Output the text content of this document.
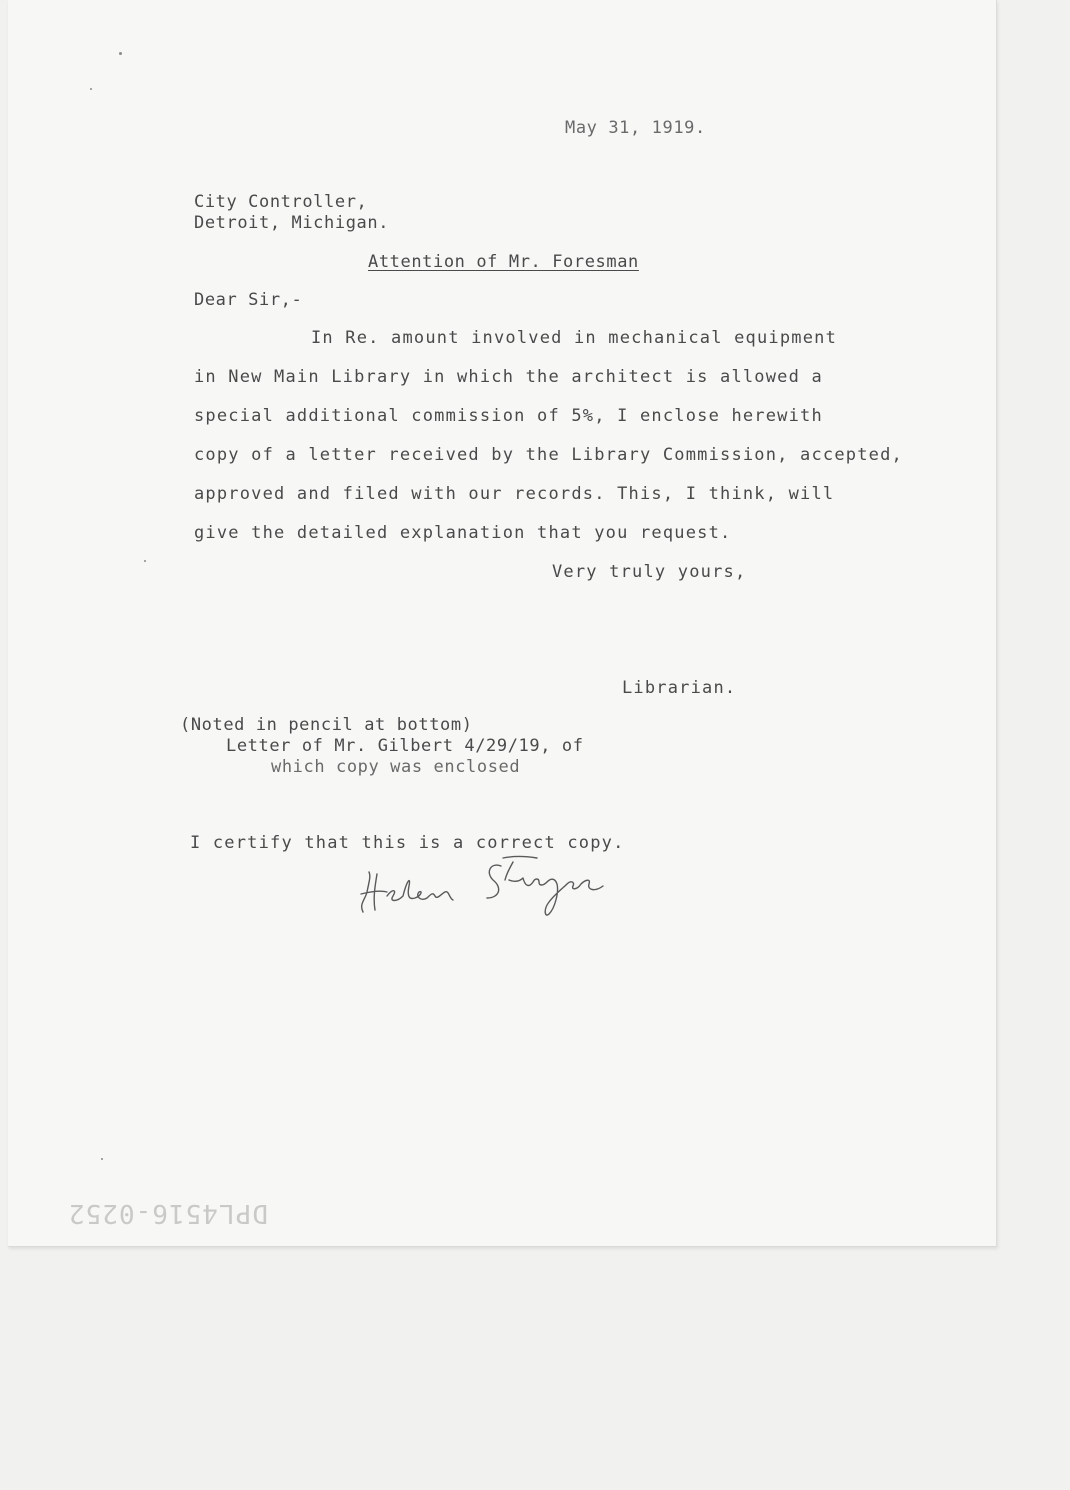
May 31, 1919.

City Controller,

Detroit, Michigan.

Attention of Mr. Foresman

Dear Sir,-

In Re. amount involved in mechanical equipment

in New Main Library in which the architect is allowed a

special additional commission of 5%, I enclose herewith

copy of a letter received by the Library Commission, accepted,

approved and filed with our records. This, I think, will

give the detailed explanation that you request.

Very truly yours,

Librarian.

(Noted in pencil at bottom)

Letter of Mr. Gilbert 4/29/19, of

which copy was enclosed

I certify that this is a correct copy.

DPL4516-0252
